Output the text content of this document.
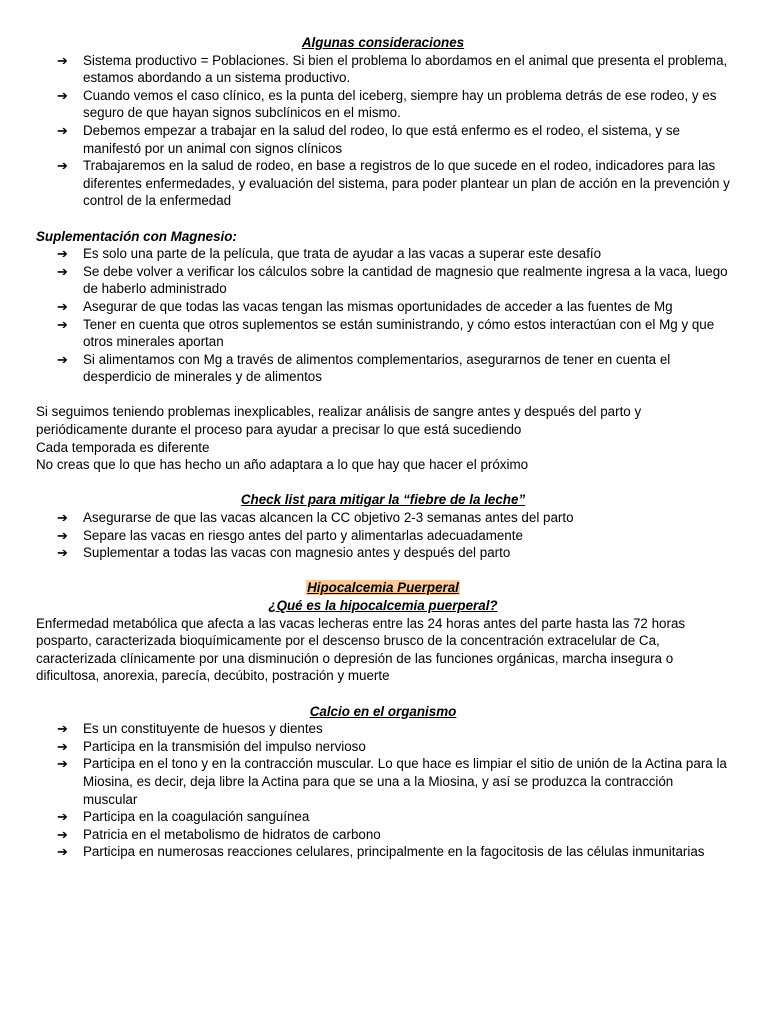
Algunas consideraciones
➔ Sistema productivo = Poblaciones. Si bien el problema lo abordamos en el animal que presenta el problema, estamos abordando a un sistema productivo.
➔ Cuando vemos el caso clínico, es la punta del iceberg, siempre hay un problema detrás de ese rodeo, y es seguro de que hayan signos subclínicos en el mismo.
➔ Debemos empezar a trabajar en la salud del rodeo, lo que está enfermo es el rodeo, el sistema, y se manifestó por un animal con signos clínicos
➔ Trabajaremos en la salud de rodeo, en base a registros de lo que sucede en el rodeo, indicadores para las diferentes enfermedades, y evaluación del sistema, para poder plantear un plan de acción en la prevención y control de la enfermedad
Suplementación con Magnesio:
➔ Es solo una parte de la película, que trata de ayudar a las vacas a superar este desafío
➔ Se debe volver a verificar los cálculos sobre la cantidad de magnesio que realmente ingresa a la vaca, luego de haberlo administrado
➔ Asegurar de que todas las vacas tengan las mismas oportunidades de acceder a las fuentes de Mg
➔ Tener en cuenta que otros suplementos se están suministrando, y cómo estos interactúan con el Mg y que otros minerales aportan
➔ Si alimentamos con Mg a través de alimentos complementarios, asegurarnos de tener en cuenta el desperdicio de minerales y de alimentos

Si seguimos teniendo problemas inexplicables, realizar análisis de sangre antes y después del parto y periódicamente durante el proceso para ayudar a precisar lo que está sucediendo

Cada temporada es diferente

No creas que lo que has hecho un año adaptara a lo que hay que hacer el próximo

Check list para mitigar la “fiebre de la leche”
➔ Asegurarse de que las vacas alcancen la CC objetivo 2-3 semanas antes del parto
➔ Separe las vacas en riesgo antes del parto y alimentarlas adecuadamente
➔ Suplementar a todas las vacas con magnesio antes y después del parto
Hipocalcemia Puerperal
¿Qué es la hipocalcemia puerperal?

Enfermedad metabólica que afecta a las vacas lecheras entre las 24 horas antes del parte hasta las 72 horas posparto, caracterizada bioquímicamente por el descenso brusco de la concentración extracelular de Ca, caracterizada clínicamente por una disminución o depresión de las funciones orgánicas, marcha insegura o dificultosa, anorexia, parecía, decúbito, postración y muerte

Calcio en el organismo
➔ Es un constituyente de huesos y dientes
➔ Participa en la transmisión del impulso nervioso
➔ Participa en el tono y en la contracción muscular. Lo que hace es limpiar el sitio de unión de la Actina para la Miosina, es decir, deja libre la Actina para que se una a la Miosina, y así se produzca la contracción muscular
➔ Participa en la coagulación sanguínea
➔ Patricia en el metabolismo de hidratos de carbono
➔ Participa en numerosas reacciones celulares, principalmente en la fagocitosis de las células inmunitarias
